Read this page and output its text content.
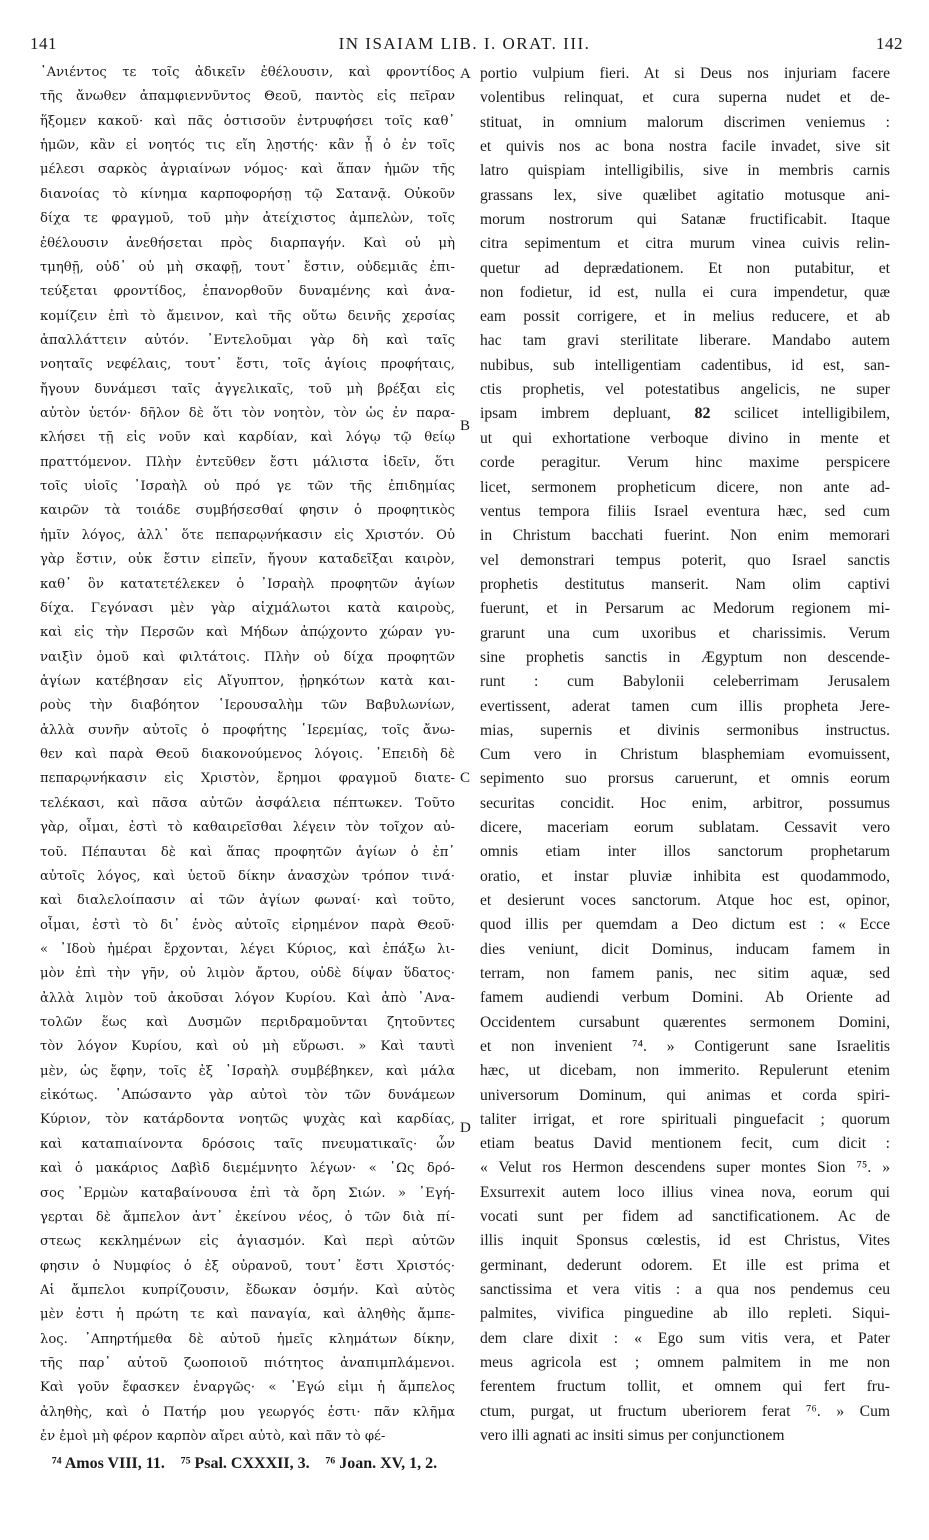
141	IN ISAIAM LIB. I. ORAT. III.	142
᾿Ανιέντος τε τοῖς ἀδικεῖν ἐθέλουσιν, καὶ φροντίδος
τῆς ἄνωθεν ἀπαμφιεννῦντος Θεοῦ, παντὸς εἰς πεῖραν
ἥξομεν κακοῦ· καὶ πᾶς ὁστισοῦν ἐντρυφήσει τοῖς καθ᾿
ἡμῶν, κἂν εἰ νοητός τις εἴη λῃστής· κἂν ᾖ ὁ ἐν τοῖς
μέλεσι σαρκὸς ἀγριαίνων νόμος· καὶ ἅπαν ἡμῶν τῆς
διανοίας τὸ κίνημα καρποφορήσῃ τῷ Σατανᾷ. Οὐκοῦν
δίχα τε φραγμοῦ, τοῦ μὴν ἀτείχιστος ἀμπελὼν, τοῖς
ἐθέλουσιν ἀνεθήσεται πρὸς διαρπαγήν. Καὶ οὐ μὴ
τμηθῇ, οὐδ᾿ οὐ μὴ σκαφῇ, τουτ᾿ ἔστιν, οὐδεμιᾶς ἐπι-
τεύξεται φροντίδος, ἐπανορθοῦν δυναμένης καὶ ἀνα-
κομίζειν ἐπὶ τὸ ἄμεινον, καὶ τῆς οὕτω δεινῆς χερσίας
ἀπαλλάττειν αὐτόν. ᾿Εντελοῦμαι γὰρ δὴ καὶ ταῖς
νοηταῖς νεφέλαις, τουτ᾿ ἔστι, τοῖς ἁγίοις προφήταις,
ἤγουν δυνάμεσι ταῖς ἀγγελικαῖς, τοῦ μὴ βρέξαι εἰς
αὐτὸν ὑετόν· δῆλον δὲ ὅτι τὸν νοητὸν, τὸν ὡς ἐν παρα-
κλήσει τῇ εἰς νοῦν καὶ καρδίαν, καὶ λόγῳ τῷ θείῳ
πραττόμενον. Πλὴν ἐντεῦθεν ἔστι μάλιστα ἰδεῖν, ὅτι
τοῖς υἱοῖς ᾿Ισραὴλ οὐ πρό γε τῶν τῆς ἐπιδημίας
καιρῶν τὰ τοιάδε συμβήσεσθαί φησιν ὁ προφητικὸς
ἡμῖν λόγος, ἀλλ᾿ ὅτε πεπαρῳνήκασιν εἰς Χριστόν. Οὐ
γὰρ ἔστιν, οὐκ ἔστιν εἰπεῖν, ἤγουν καταδεῖξαι καιρὸν,
καθ᾿ ὃν κατατετέλεκεν ὁ ᾿Ισραὴλ προφητῶν ἁγίων
δίχα. Γεγόνασι μὲν γὰρ αἰχμάλωτοι κατὰ καιροὺς,
καὶ εἰς τὴν Περσῶν καὶ Μήδων ἀπῴχοντο χώραν γυ-
ναιξὶν ὁμοῦ καὶ φιλτάτοις. Πλὴν οὐ δίχα προφητῶν
ἁγίων κατέβησαν εἰς Αἴγυπτον, ᾐρηκότων κατὰ και-
ροὺς τὴν διαβόητον ῾Ιερουσαλὴμ τῶν Βαβυλωνίων,
ἀλλὰ συνῆν αὐτοῖς ὁ προφήτης ῾Ιερεμίας, τοῖς ἄνω-
θεν καὶ παρὰ Θεοῦ διακονούμενος λόγοις. ᾿Επειδὴ δὲ
πεπαρῳνήκασιν εἰς Χριστὸν, ἔρημοι φραγμοῦ διατε-
τελέκασι, καὶ πᾶσα αὐτῶν ἀσφάλεια πέπτωκεν. Τοῦτο
γὰρ, οἶμαι, ἐστὶ τὸ καθαιρεῖσθαι λέγειν τὸν τοῖχον αὐ-
τοῦ. Πέπαυται δὲ καὶ ἅπας προφητῶν ἁγίων ὁ ἐπ᾿
αὐτοῖς λόγος, καὶ ὑετοῦ δίκην ἀνασχὼν τρόπον τινά·
καὶ διαλελοίπασιν αἱ τῶν ἁγίων φωναί· καὶ τοῦτο,
οἶμαι, ἐστὶ τὸ δι᾿ ἑνὸς αὐτοῖς εἰρημένον παρὰ Θεοῦ·
« ᾿Ιδοὺ ἡμέραι ἔρχονται, λέγει Κύριος, καὶ ἐπάξω λι-
μὸν ἐπὶ τὴν γῆν, οὐ λιμὸν ἄρτου, οὐδὲ δίψαν ὕδατος·
ἀλλὰ λιμὸν τοῦ ἀκοῦσαι λόγον Κυρίου. Καὶ ἀπὸ ᾿Ανα-
τολῶν ἕως καὶ Δυσμῶν περιδραμοῦνται ζητοῦντες
τὸν λόγον Κυρίου, καὶ οὐ μὴ εὕρωσι. » Καὶ ταυτὶ
μὲν, ὡς ἔφην, τοῖς ἐξ ᾿Ισραὴλ συμβέβηκεν, καὶ μάλα
εἰκότως. ᾿Απώσαντο γὰρ αὐτοὶ τὸν τῶν δυνάμεων
Κύριον, τὸν κατάρδοντα νοητῶς ψυχὰς καὶ καρδίας,
καὶ καταπιαίνοντα δρόσοις ταῖς πνευματικαῖς· ὧν
καὶ ὁ μακάριος Δαβὶδ διεμέμνητο λέγων· « ῾Ως δρό-
σος ᾿Ερμὼν καταβαίνουσα ἐπὶ τὰ ὄρη Σιών. » ᾿Εγή-
γερται δὲ ἄμπελον ἀντ᾿ ἐκείνου νέος, ὁ τῶν διὰ πί-
στεως κεκλημένων εἰς ἁγιασμόν. Καὶ περὶ αὐτῶν
φησιν ὁ Νυμφίος ὁ ἐξ οὐρανοῦ, τουτ᾿ ἔστι Χριστός·
Αἱ ἄμπελοι κυπρίζουσιν, ἔδωκαν ὀσμήν. Καὶ αὐτὸς
μὲν ἐστι ἡ πρώτη τε καὶ παναγία, καὶ ἀληθὴς ἄμπε-
λος. ᾿Απηρτήμεθα δὲ αὐτοῦ ἡμεῖς κλημάτων δίκην,
τῆς παρ᾿ αὐτοῦ ζωοποιοῦ πιότητος ἀναπιμπλάμενοι.
Καὶ γοῦν ἔφασκεν ἐναργῶς· « ᾿Εγώ εἰμι ἡ ἄμπελος
ἀληθὴς, καὶ ὁ Πατήρ μου γεωργός ἐστι· πᾶν κλῆμα
ἐν ἐμοὶ μὴ φέρον καρπὸν αἴρει αὐτὸ, καὶ πᾶν τὸ φέ-
A
B
C
D
portio vulpium fieri. At si Deus nos injuriam facere
volentibus relinquat, et cura superna nudet et de-
stituat, in omnium malorum discrimen veniemus :
et quivis nos ac bona nostra facile invadet, sive sit
latro quispiam intelligibilis, sive in membris carnis
grassans lex, sive quælibet agitatio motusque ani-
morum nostrorum qui Satanæ fructificabit. Itaque
citra sepimentum et citra murum vinea cuivis relin-
quetur ad deprædationem. Et non putabitur, et
non fodietur, id est, nulla ei cura impendetur, quæ
eam possit corrigere, et in melius reducere, et ab
hac tam gravi sterilitate liberare. Mandabo autem
nubibus, sub intelligentiam cadentibus, id est, san-
ctis prophetis, vel potestatibus angelicis, ne super
ipsam imbrem depluant, 82 scilicet intelligibilem,
ut qui exhortatione verboque divino in mente et
corde peragitur. Verum hinc maxime perspicere
licet, sermonem propheticum dicere, non ante ad-
ventus tempora filiis Israel eventura hæc, sed cum
in Christum bacchati fuerint. Non enim memorari
vel demonstrari tempus poterit, quo Israel sanctis
prophetis destitutus manserit. Nam olim captivi
fuerunt, et in Persarum ac Medorum regionem mi-
grarunt una cum uxoribus et charissimis. Verum
sine prophetis sanctis in Ægyptum non descende-
runt : cum Babylonii celeberrimam Jerusalem
evertissent, aderat tamen cum illis propheta Jere-
mias, supernis et divinis sermonibus instructus.
Cum vero in Christum blasphemiam evomuissent,
sepimento suo prorsus caruerunt, et omnis eorum
securitas concidit. Hoc enim, arbitror, possumus
dicere, maceriam eorum sublatam. Cessavit vero
omnis etiam inter illos sanctorum prophetarum
oratio, et instar pluviæ inhibita est quodammodo,
et desierunt voces sanctorum. Atque hoc est, opinor,
quod illis per quemdam a Deo dictum est : « Ecce
dies veniunt, dicit Dominus, inducam famem in
terram, non famem panis, nec sitim aquæ, sed
famem audiendi verbum Domini. Ab Oriente ad
Occidentem cursabunt quærentes sermonem Domini,
et non invenient ⁷⁴. » Contigerunt sane Israelitis
hæc, ut dicebam, non immerito. Repulerunt etenim
universorum Dominum, qui animas et corda spiri-
taliter irrigat, et rore spirituali pinguefacit ; quorum
etiam beatus David mentionem fecit, cum dicit :
« Velut ros Hermon descendens super montes Sion ⁷⁵. »
Exsurrexit autem loco illius vinea nova, eorum qui
vocati sunt per fidem ad sanctificationem. Ac de
illis inquit Sponsus cœlestis, id est Christus, Vites
germinant, dederunt odorem. Et ille est prima et
sanctissima et vera vitis : a qua nos pendemus ceu
palmites, vivifica pinguedine ab illo repleti. Siqui-
dem clare dixit : « Ego sum vitis vera, et Pater
meus agricola est ; omnem palmitem in me non
ferentem fructum tollit, et omnem qui fert fru-
ctum, purgat, ut fructum uberiorem ferat ⁷⁶. » Cum
vero illi agnati ac insiti simus per conjunctionem
⁷⁴ Amos VIII, 11. ⁷⁵ Psal. CXXXII, 3. ⁷⁶ Joan. XV, 1, 2.
